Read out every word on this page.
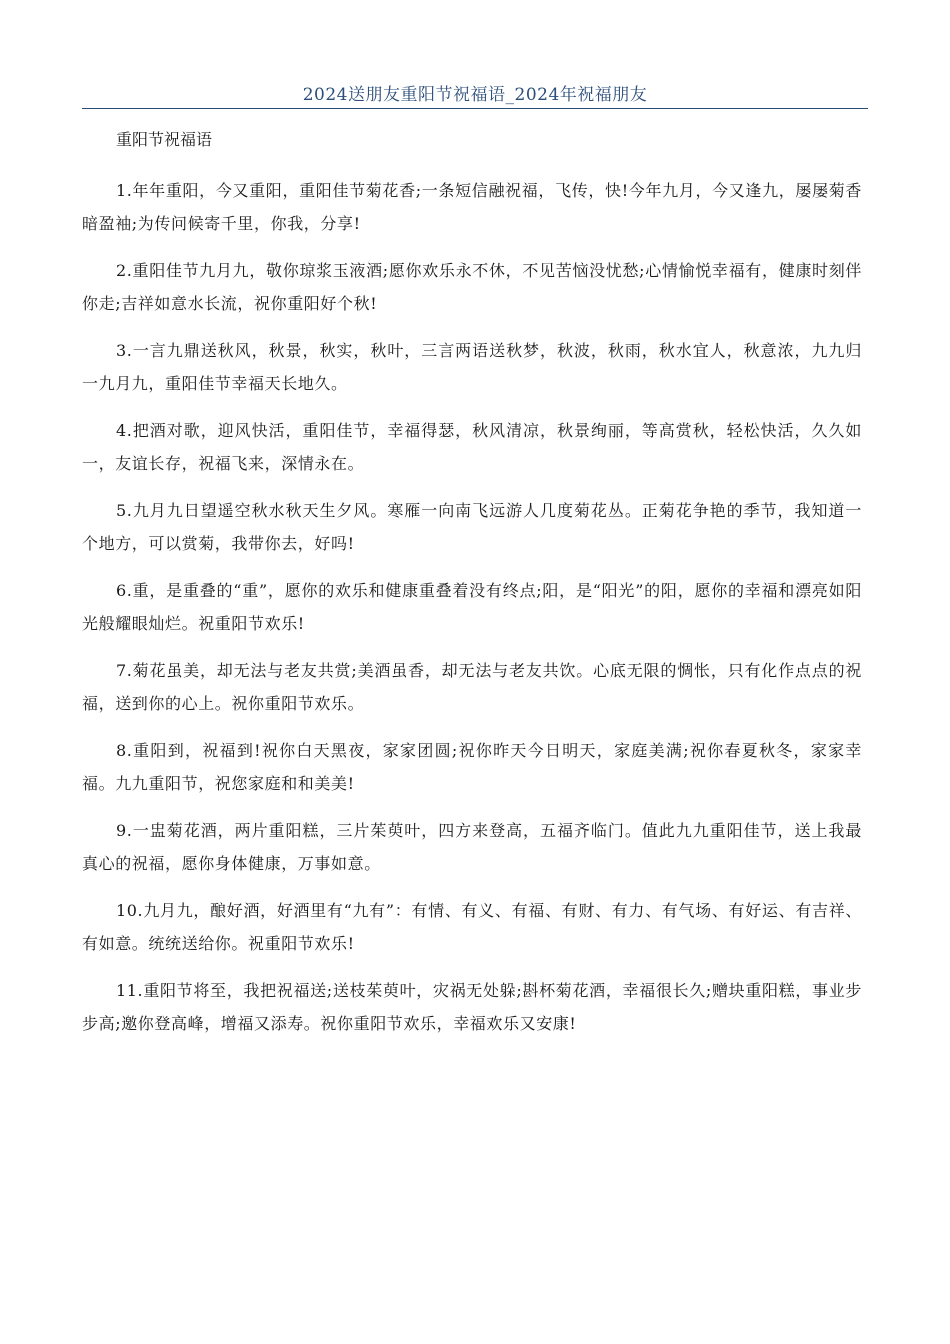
2024送朋友重阳节祝福语_2024年祝福朋友

重阳节祝福语

1.年年重阳，今又重阳，重阳佳节菊花香;一条短信融祝福，飞传，快!今年九月，今又逢九，屡屡菊香暗盈袖;为传问候寄千里，你我，分享!

2.重阳佳节九月九，敬你琼浆玉液酒;愿你欢乐永不休，不见苦恼没忧愁;心情愉悦幸福有，健康时刻伴你走;吉祥如意水长流，祝你重阳好个秋!

3.一言九鼎送秋风，秋景，秋实，秋叶，三言两语送秋梦，秋波，秋雨，秋水宜人，秋意浓，九九归一九月九，重阳佳节幸福天长地久。

4.把酒对歌，迎风快活，重阳佳节，幸福得瑟，秋风清凉，秋景绚丽，等高赏秋，轻松快活，久久如一，友谊长存，祝福飞来，深情永在。

5.九月九日望遥空秋水秋天生夕风。寒雁一向南飞远游人几度菊花丛。正菊花争艳的季节，我知道一个地方，可以赏菊，我带你去，好吗!

6.重，是重叠的“重”，愿你的欢乐和健康重叠着没有终点;阳，是“阳光”的阳，愿你的幸福和漂亮如阳光般耀眼灿烂。祝重阳节欢乐!

7.菊花虽美，却无法与老友共赏;美酒虽香，却无法与老友共饮。心底无限的惆怅，只有化作点点的祝福，送到你的心上。祝你重阳节欢乐。

8.重阳到，祝福到!祝你白天黑夜，家家团圆;祝你昨天今日明天，家庭美满;祝你春夏秋冬，家家幸福。九九重阳节，祝您家庭和和美美!

9.一盅菊花酒，两片重阳糕，三片茱萸叶，四方来登高，五福齐临门。值此九九重阳佳节，送上我最真心的祝福，愿你身体健康，万事如意。

10.九月九，酿好酒，好酒里有“九有”：有情、有义、有福、有财、有力、有气场、有好运、有吉祥、有如意。统统送给你。祝重阳节欢乐!

11.重阳节将至，我把祝福送;送枝茱萸叶，灾祸无处躲;斟杯菊花酒，幸福很长久;赠块重阳糕，事业步步高;邀你登高峰，增福又添寿。祝你重阳节欢乐，幸福欢乐又安康!
